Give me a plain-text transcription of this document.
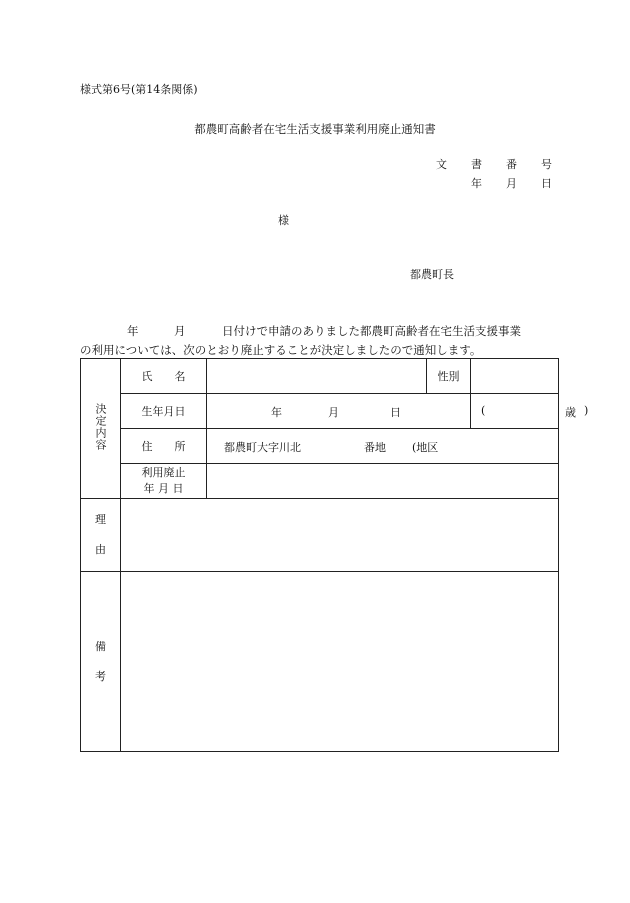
様式第6号(第14条関係)
都農町高齢者在宅生活支援事業利用廃止通知書
文 書 番 号
年 月 日
様
都農町長
年	月	日付けで申請のありました都農町高齢者在宅生活支援事業
の利用については、次のとおり廃止することが決定しましたので通知します。
決定内容	氏 名		性別		
	生年月日	年 月 日		( 歳 )	

	住 所	都農町大字川北 番地 (地区

	利用廃止
年 月 日				

理
由					

備
考					
